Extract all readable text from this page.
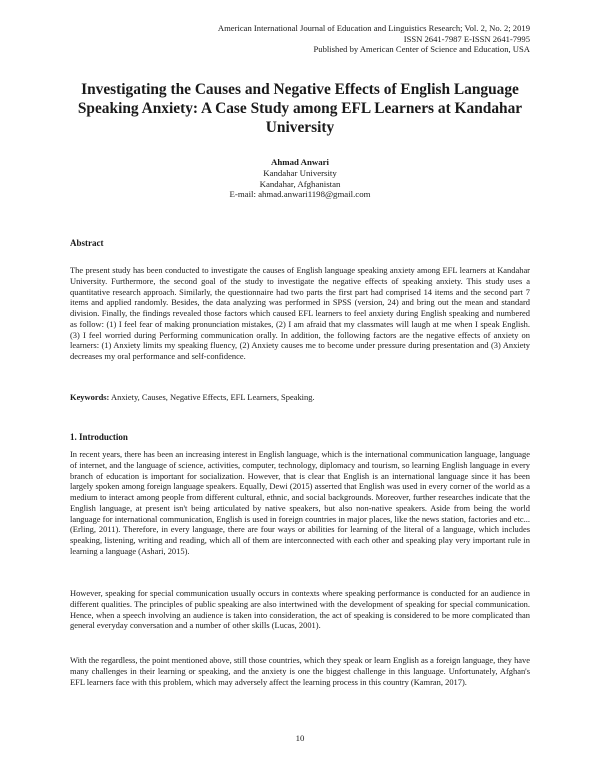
American International Journal of Education and Linguistics Research; Vol. 2, No. 2; 2019
ISSN 2641-7987 E-ISSN 2641-7995
Published by American Center of Science and Education, USA
Investigating the Causes and Negative Effects of English Language Speaking Anxiety: A Case Study among EFL Learners at Kandahar University
Ahmad Anwari
Kandahar University
Kandahar, Afghanistan
E-mail: ahmad.anwari1198@gmail.com
Abstract
The present study has been conducted to investigate the causes of English language speaking anxiety among EFL learners at Kandahar University. Furthermore, the second goal of the study to investigate the negative effects of speaking anxiety. This study uses a quantitative research approach. Similarly, the questionnaire had two parts the first part had comprised 14 items and the second part 7 items and applied randomly. Besides, the data analyzing was performed in SPSS (version, 24) and bring out the mean and standard division. Finally, the findings revealed those factors which caused EFL learners to feel anxiety during English speaking and numbered as follow: (1) I feel fear of making pronunciation mistakes, (2) I am afraid that my classmates will laugh at me when I speak English. (3) I feel worried during Performing communication orally. In addition, the following factors are the negative effects of anxiety on learners: (1) Anxiety limits my speaking fluency, (2) Anxiety causes me to become under pressure during presentation and (3) Anxiety decreases my oral performance and self-confidence.
Keywords: Anxiety, Causes, Negative Effects, EFL Learners, Speaking.
1. Introduction
In recent years, there has been an increasing interest in English language, which is the international communication language, language of internet, and the language of science, activities, computer, technology, diplomacy and tourism, so learning English language in every branch of education is important for socialization. However, that is clear that English is an international language since it has been largely spoken among foreign language speakers. Equally, Dewi (2015) asserted that English was used in every corner of the world as a medium to interact among people from different cultural, ethnic, and social backgrounds. Moreover, further researches indicate that the English language, at present isn't being articulated by native speakers, but also non-native speakers. Aside from being the world language for international communication, English is used in foreign countries in major places, like the news station, factories and etc... (Erling, 2011). Therefore, in every language, there are four ways or abilities for learning of the literal of a language, which includes speaking, listening, writing and reading, which all of them are interconnected with each other and speaking play very important rule in learning a language (Ashari, 2015).
However, speaking for special communication usually occurs in contexts where speaking performance is conducted for an audience in different qualities. The principles of public speaking are also intertwined with the development of speaking for special communication. Hence, when a speech involving an audience is taken into consideration, the act of speaking is considered to be more complicated than general everyday conversation and a number of other skills (Lucas, 2001).
With the regardless, the point mentioned above, still those countries, which they speak or learn English as a foreign language, they have many challenges in their learning or speaking, and the anxiety is one the biggest challenge in this language. Unfortunately, Afghan's EFL learners face with this problem, which may adversely affect the learning process in this country (Kamran, 2017).
10
